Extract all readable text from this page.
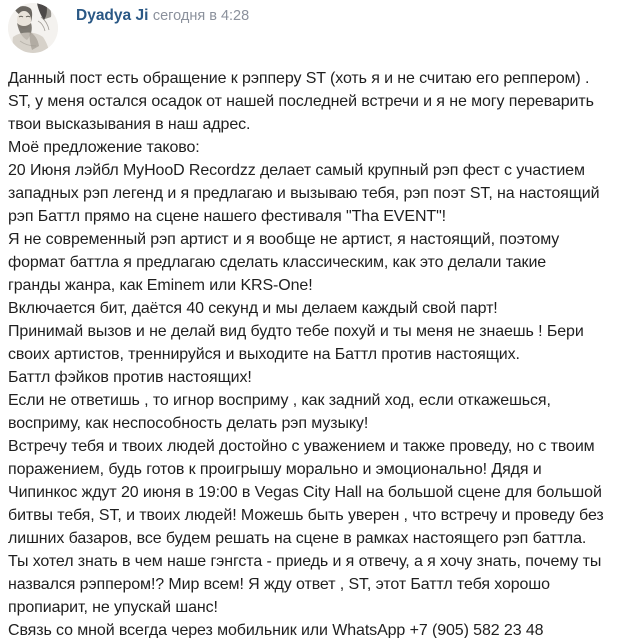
Dyadya Ji сегодня в 4:28
Данный пост есть обращение к рэпперу ST (хоть я и не считаю его реппером) .
ST, у меня остался осадок от нашей последней встречи и я не могу переварить
твои высказывания в наш адрес.
Моё предложение таково:
20 Июня лэйбл MyHooD Recordzz делает самый крупный рэп фест с участием
западных рэп легенд и я предлагаю и вызываю тебя, рэп поэт ST, на настоящий
рэп Баттл прямо на сцене нашего фестиваля "Tha EVENT"!
Я не современный рэп артист и я вообще не артист, я настоящий, поэтому
формат баттла я предлагаю сделать классическим, как это делали такие
гранды жанра, как Eminem или KRS-One!
Включается бит, даётся 40 секунд и мы делаем каждый свой парт!
Принимай вызов и не делай вид будто тебе похуй и ты меня не знаешь ! Бери
своих артистов, треннируйся и выходите на Баттл против настоящих.
Баттл фэйков против настоящих!
Если не ответишь , то игнор восприму , как задний ход, если откажешься,
восприму, как неспособность делать рэп музыку!
Встречу тебя и твоих людей достойно с уважением и также проведу, но с твоим
поражением, будь готов к проигрышу морально и эмоционально! Дядя и
Чипинкос ждут 20 июня в 19:00 в Vegas City Hall на большой сцене для большой
битвы тебя, ST, и твоих людей! Можешь быть уверен , что встречу и проведу без
лишних базаров, все будем решать на сцене в рамках настоящего рэп баттла.
Ты хотел знать в чем наше гэнгста - приедь и я отвечу, а я хочу знать, почему ты
назвался рэппером!? Мир всем! Я жду ответ , ST, этот Баттл тебя хорошо
пропиарит, не упускай шанс!
Связь со мной всегда через мобильник или WhatsApp +7 (905) 582 23 48
